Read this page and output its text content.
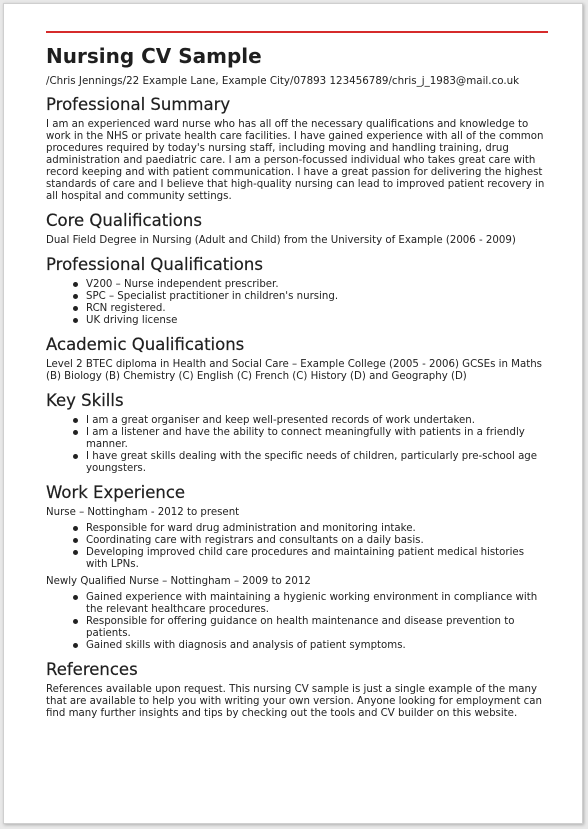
Nursing CV Sample
/Chris Jennings/22 Example Lane, Example City/07893 123456789/chris_j_1983@mail.co.uk
Professional Summary

I am an experienced ward nurse who has all off the necessary qualifications and knowledge to work in the NHS or private health care facilities. I have gained experience with all of the common procedures required by today's nursing staff, including moving and handling training, drug administration and paediatric care. I am a person-focussed individual who takes great care with record keeping and with patient communication. I have a great passion for delivering the highest standards of care and I believe that high-quality nursing can lead to improved patient recovery in all hospital and community settings.

Core Qualifications

Dual Field Degree in Nursing (Adult and Child) from the University of Example (2006 - 2009)

Professional Qualifications
V200 – Nurse independent prescriber.
SPC – Specialist practitioner in children's nursing.
RCN registered.
UK driving license
Academic Qualifications

Level 2 BTEC diploma in Health and Social Care – Example College (2005 - 2006) GCSEs in Maths (B) Biology (B) Chemistry (C) English (C) French (C) History (D) and Geography (D)

Key Skills
I am a great organiser and keep well-presented records of work undertaken.
I am a listener and have the ability to connect meaningfully with patients in a friendly manner.
I have great skills dealing with the specific needs of children, particularly pre-school age youngsters.
Work Experience

Nurse – Nottingham - 2012 to present

Responsible for ward drug administration and monitoring intake.
Coordinating care with registrars and consultants on a daily basis.
Developing improved child care procedures and maintaining patient medical histories with LPNs.

Newly Qualified Nurse – Nottingham – 2009 to 2012

Gained experience with maintaining a hygienic working environment in compliance with the relevant healthcare procedures.
Responsible for offering guidance on health maintenance and disease prevention to patients.
Gained skills with diagnosis and analysis of patient symptoms.
References

References available upon request. This nursing CV sample is just a single example of the many that are available to help you with writing your own version. Anyone looking for employment can find many further insights and tips by checking out the tools and CV builder on this website.
